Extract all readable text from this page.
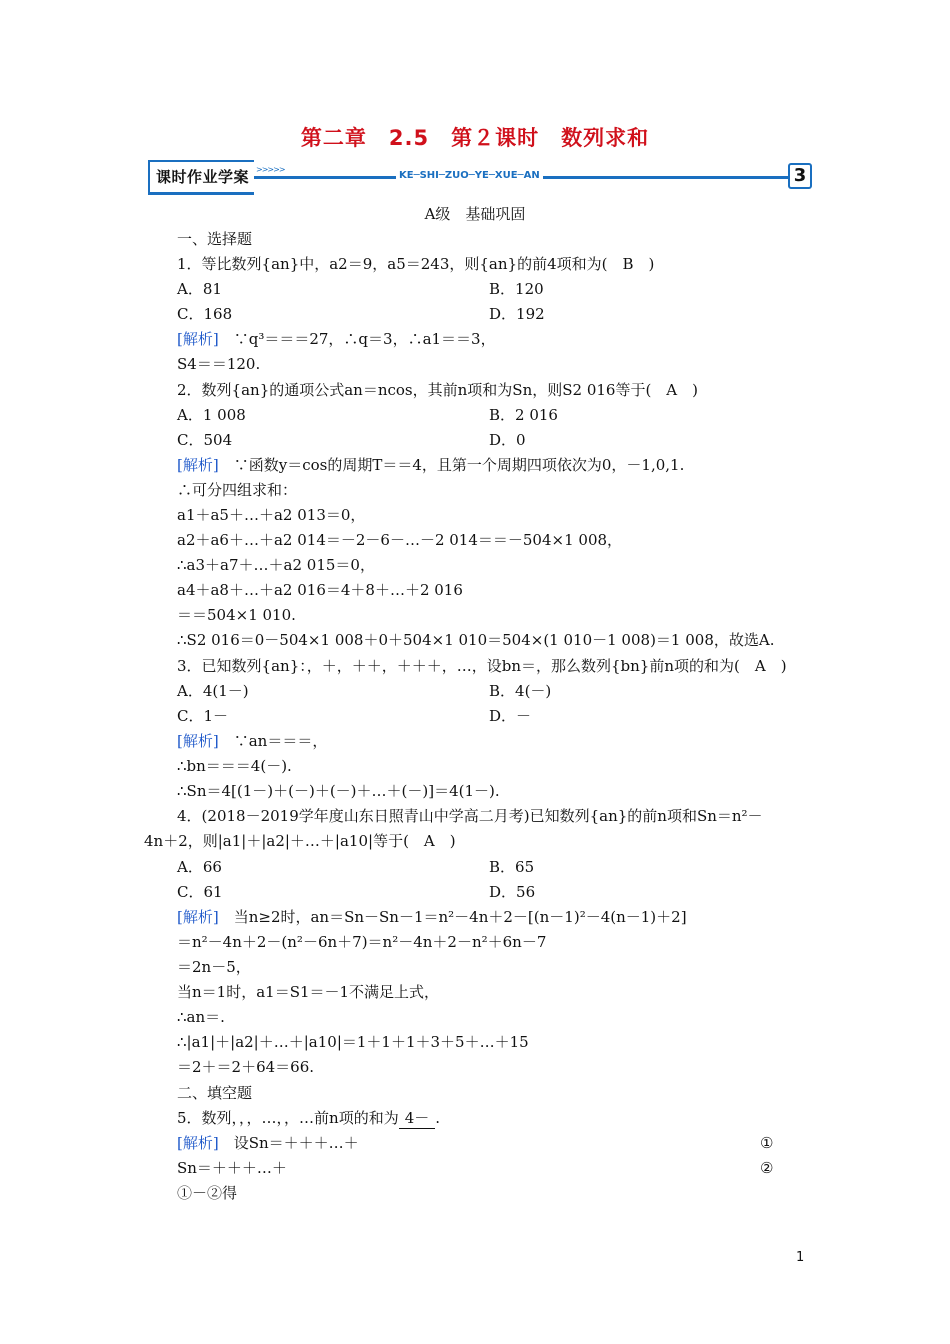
第二章　2.5　第２课时　数列求和
课时作业学案 >>>>>
KE─SHI─ZUO─YE─XUE─AN	3
A级　基础巩固
一、选择题
1．等比数列{an}中，a2＝9，a5＝243，则{an}的前4项和为(　B　)
A．81	B．120
C．168	D．192
[解析]　∵q³＝＝＝27，∴q＝3，∴a1＝＝3，
S4＝＝120.
2．数列{an}的通项公式an＝ncos，其前n项和为Sn，则S2 016等于(　A　)
A．1 008	B．2 016
C．504	D．0
[解析]　∵函数y＝cos的周期T＝＝4，且第一个周期四项依次为0，－1,0,1.
∴可分四组求和：
a1＋a5＋…＋a2 013＝0，
a2＋a6＋…＋a2 014＝－2－6－…－2 014＝＝－504×1 008，
∴a3＋a7＋…＋a2 015＝0，
a4＋a8＋…＋a2 016＝4＋8＋…＋2 016
＝＝504×1 010.
∴S2 016＝0－504×1 008＋0＋504×1 010＝504×(1 010－1 008)＝1 008，故选A.
3．已知数列{an}：，＋，＋＋，＋＋＋，…，设bn＝，那么数列{bn}前n项的和为(　A　)
A．4(1－)	B．4(－)
C．1－	D．－
[解析]　∵an＝＝＝，
∴bn＝＝＝4(－).
∴Sn＝4[(1－)＋(－)＋(－)＋…＋(－)]＝4(1－).
4．(2018－2019学年度山东日照青山中学高二月考)已知数列{an}的前n项和Sn＝n²－
4n＋2，则|a1|＋|a2|＋…＋|a10|等于(　A　)
A．66	B．65
C．61	D．56
[解析]　当n≥2时，an＝Sn－Sn－1＝n²－4n＋2－[(n－1)²－4(n－1)＋2]
＝n²－4n＋2－(n²－6n＋7)＝n²－4n＋2－n²＋6n－7
＝2n－5，
当n＝1时，a1＝S1＝－1不满足上式，
∴an＝.
∴|a1|＋|a2|＋…＋|a10|＝1＋1＋1＋3＋5＋…＋15
＝2＋＝2＋64＝66.
二、填空题
5．数列，，，…，，…前n项的和为 4－ .
[解析]　设Sn＝＋＋＋…＋	①
Sn＝＋＋＋…＋	②
①－②得
1
